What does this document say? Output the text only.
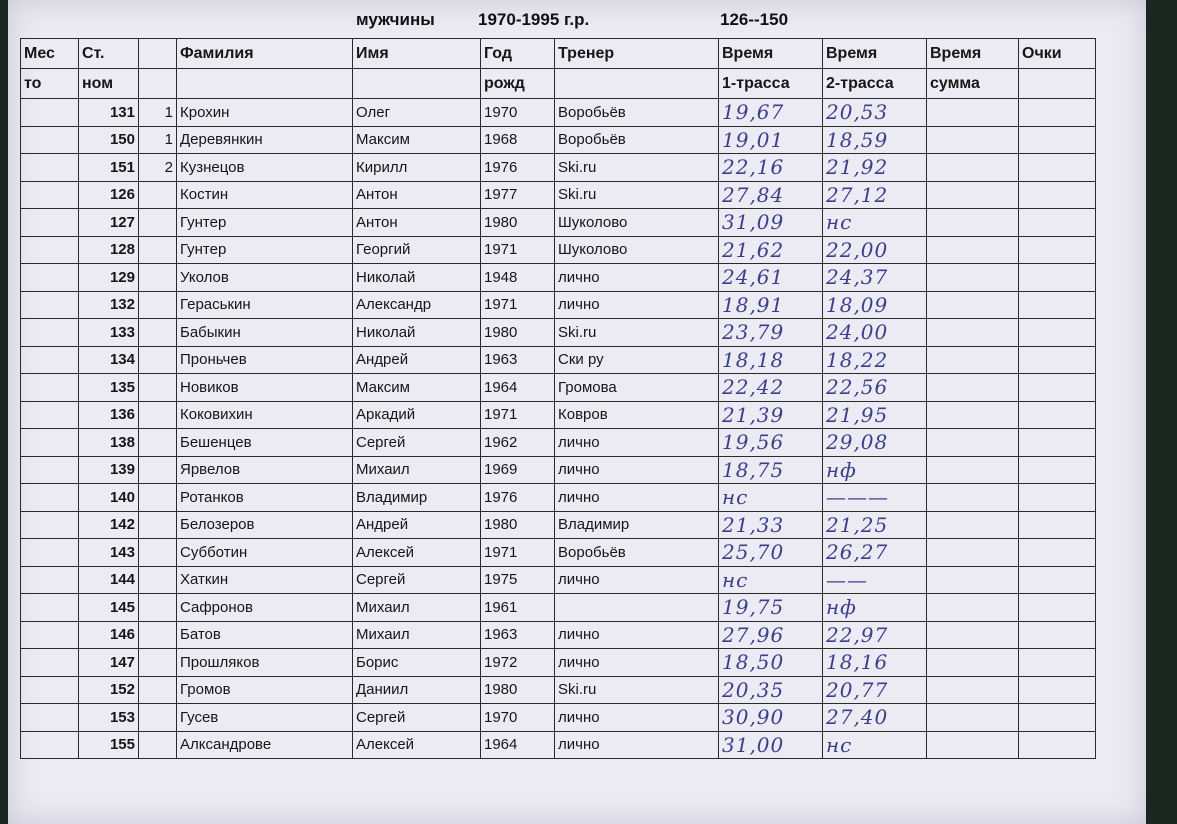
мужчины	1970-1995 г.р.	126--150
Мес	Ст.		Фамилия	Имя	Год	Тренер	Время	Время	Время	Очки
то	ном				рожд		1-трасса	2-трасса	сумма	
	131	1	Крохин	Олег	1970	Воробьёв	19,67	20,53		
	150	1	Деревянкин	Максим	1968	Воробьёв	19,01	18,59		
	151	2	Кузнецов	Кирилл	1976	Ski.ru	22,16	21,92		
	126		Костин	Антон	1977	Ski.ru	27,84	27,12		
	127		Гунтер	Антон	1980	Шуколово	31,09	нс		
	128		Гунтер	Георгий	1971	Шуколово	21,62	22,00		
	129		Уколов	Николай	1948	лично	24,61	24,37		
	132		Гераськин	Александр	1971	лично	18,91	18,09		
	133		Бабыкин	Николай	1980	Ski.ru	23,79	24,00		
	134		Проньчев	Андрей	1963	Ски ру	18,18	18,22		
	135		Новиков	Максим	1964	Громова	22,42	22,56		
	136		Коковихин	Аркадий	1971	Ковров	21,39	21,95		
	138		Бешенцев	Сергей	1962	лично	19,56	29,08		
	139		Ярвелов	Михаил	1969	лично	18,75	нф		
	140		Ротанков	Владимир	1976	лично	нс	———		
	142		Белозеров	Андрей	1980	Владимир	21,33	21,25		
	143		Субботин	Алексей	1971	Воробьёв	25,70	26,27		
	144		Хаткин	Сергей	1975	лично	нс	——		
	145		Сафронов	Михаил	1961		19,75	нф		
	146		Батов	Михаил	1963	лично	27,96	22,97		
	147		Прошляков	Борис	1972	лично	18,50	18,16		
	152		Громов	Даниил	1980	Ski.ru	20,35	20,77		
	153		Гусев	Сергей	1970	лично	30,90	27,40		
	155		Алксандрове	Алексей	1964	лично	31,00	нс		
